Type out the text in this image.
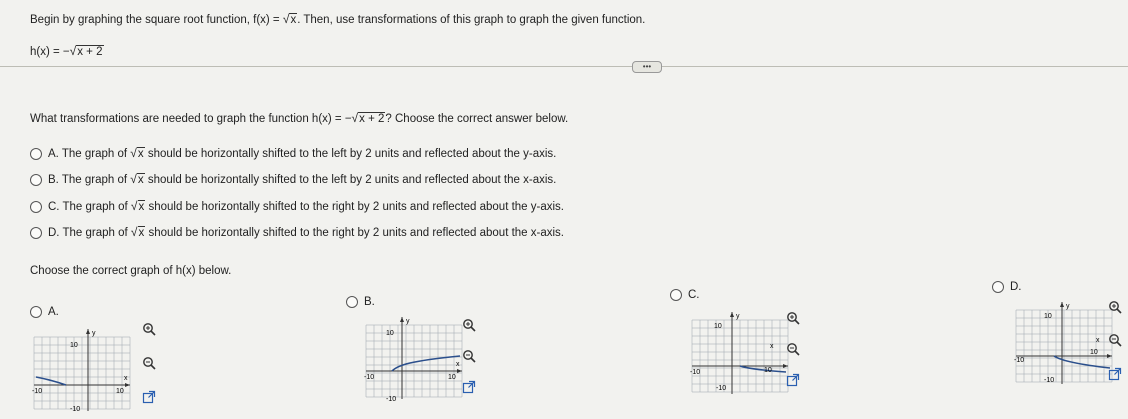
Begin by graphing the square root function, f(x) = √x. Then, use transformations of this graph to graph the given function.
h(x) = −√x + 2
•••
What transformations are needed to graph the function h(x) = −√x + 2? Choose the correct answer below.
A. The graph of √x should be horizontally shifted to the left by 2 units and reflected about the y-axis.
B. The graph of √x should be horizontally shifted to the left by 2 units and reflected about the x-axis.
C. The graph of √x should be horizontally shifted to the right by 2 units and reflected about the y-axis.
D. The graph of √x should be horizontally shifted to the right by 2 units and reflected about the x-axis.
Choose the correct graph of h(x) below.
A.
B.
C.
D.
y
x
10
-10	10
-10
y
x
10
-10	10
-10
y
x
10
-10	10
-10
y
x
10
-10
10
-10
